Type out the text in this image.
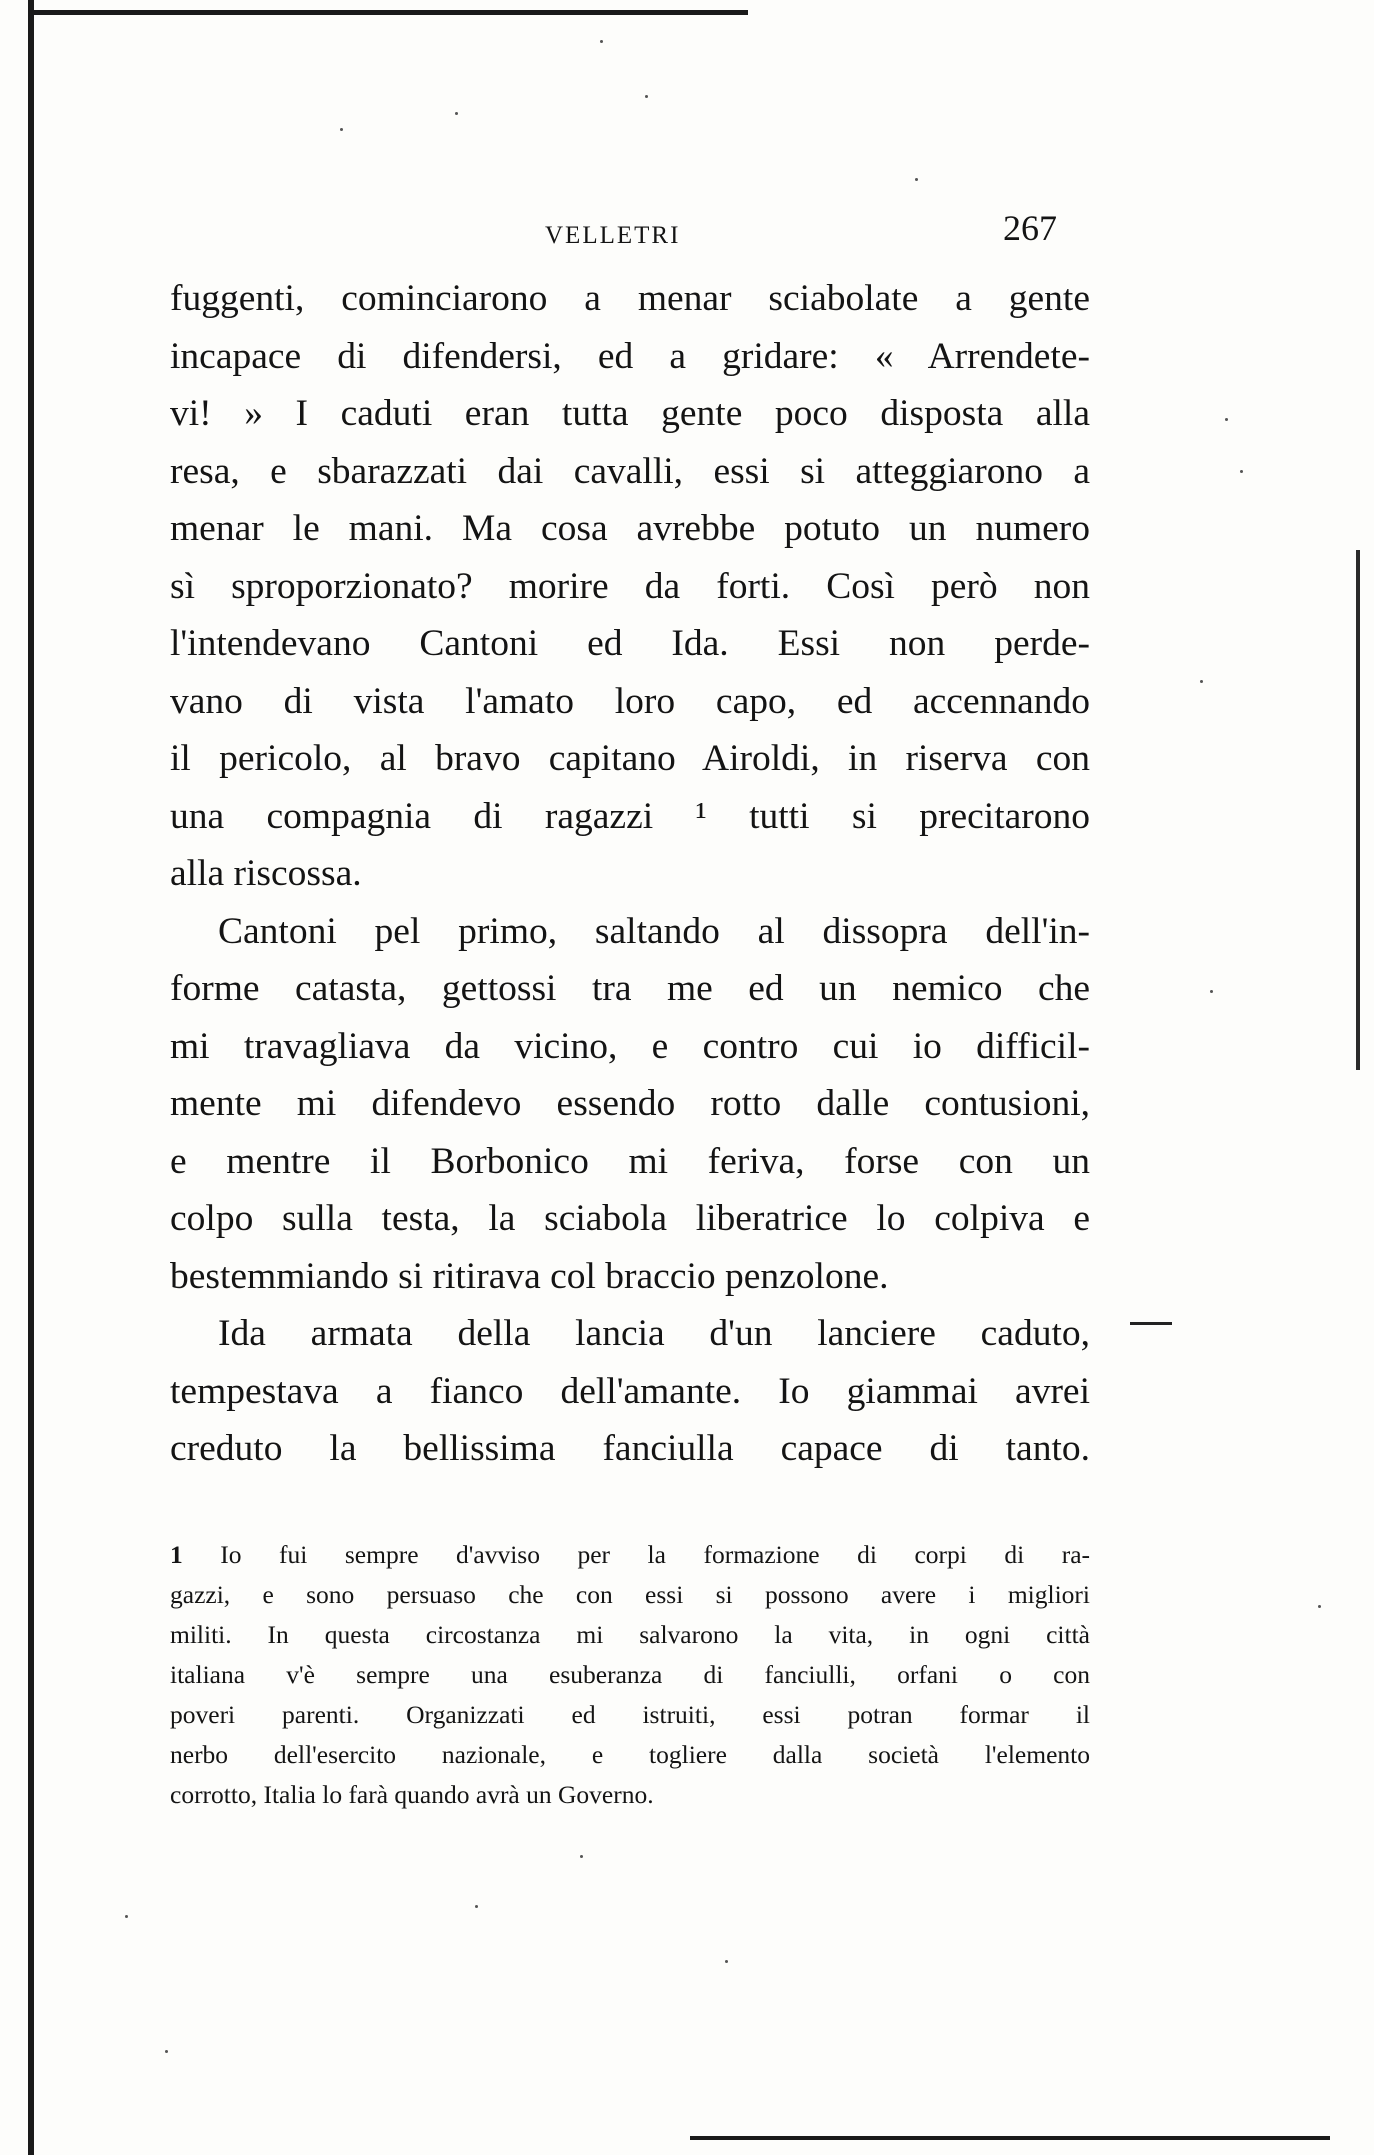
VELLETRI	267
fuggenti, cominciarono a menar sciabolate a gente
incapace di difendersi, ed a gridare: « Arrendete-
vi! » I caduti eran tutta gente poco disposta alla
resa, e sbarazzati dai cavalli, essi si atteggiarono a
menar le mani. Ma cosa avrebbe potuto un numero
sì sproporzionato? morire da forti. Così però non
l'intendevano Cantoni ed Ida. Essi non perde-
vano di vista l'amato loro capo, ed accennando
il pericolo, al bravo capitano Airoldi, in riserva con
una compagnia di ragazzi ¹ tutti si precitarono
alla riscossa.
Cantoni pel primo, saltando al dissopra dell'in-
forme catasta, gettossi tra me ed un nemico che
mi travagliava da vicino, e contro cui io difficil-
mente mi difendevo essendo rotto dalle contusioni,
e mentre il Borbonico mi feriva, forse con un
colpo sulla testa, la sciabola liberatrice lo colpiva e
bestemmiando si ritirava col braccio penzolone.
Ida armata della lancia d'un lanciere caduto,
tempestava a fianco dell'amante. Io giammai avrei
creduto la bellissima fanciulla capace di tanto.
1 Io fui sempre d'avviso per la formazione di corpi di ra-
gazzi, e sono persuaso che con essi si possono avere i migliori
militi. In questa circostanza mi salvarono la vita, in ogni città
italiana v'è sempre una esuberanza di fanciulli, orfani o con
poveri parenti. Organizzati ed istruiti, essi potran formar il
nerbo dell'esercito nazionale, e togliere dalla società l'elemento
corrotto, Italia lo farà quando avrà un Governo.
